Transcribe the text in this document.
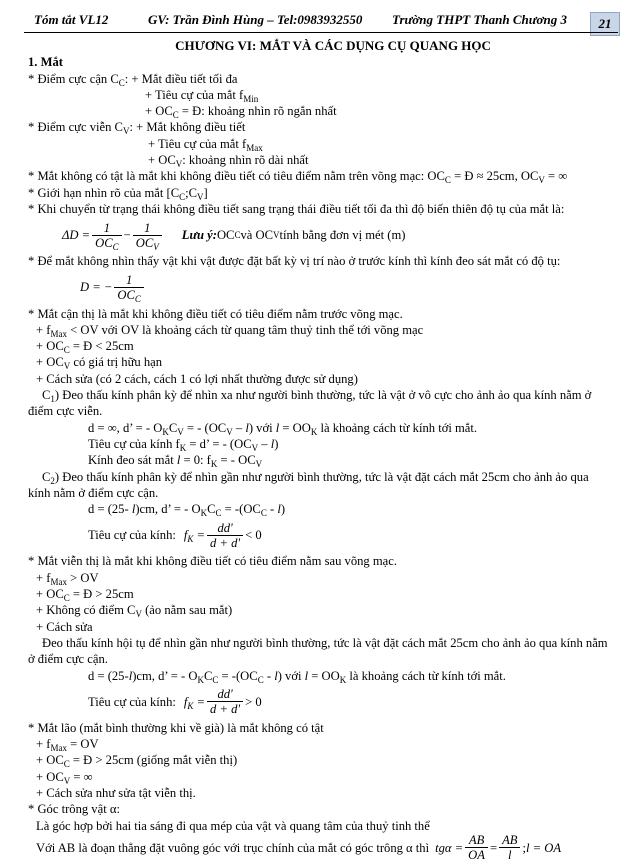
Tóm tắt VL12	GV: Trần Đình Hùng – Tel:0983932550 Trường THPT Thanh Chương 3	21

CHƯƠNG VI: MẮT VÀ CÁC DỤNG CỤ QUANG HỌC

1. Mắt

* Điểm cực cận $C_C$: + Mắt điều tiết tối đa

+ Tiêu cự của mắt $f_{Min}$

+ $OC_C$ = Đ: khoảng nhìn rõ ngắn nhất

* Điểm cực viễn $C_V$: + Mắt không điều tiết

+ Tiêu cự của mắt $f_{Max}$

+ $OC_V$: khoảng nhìn rõ dài nhất

* Mắt không có tật là mắt khi không điều tiết có tiêu điểm nằm trên võng mạc: $OC_C$ = Đ ≈ 25cm, $OC_V$ = ∞

* Giới hạn nhìn rõ của mắt $[C_C;C_V]$

* Khi chuyển từ trạng thái không điều tiết sang trạng thái điều tiết tối đa thì độ biến thiên độ tụ của mắt là:

$\Delta D = \frac{1}{OC_C} - \frac{1}{OC_V}$ Lưu ý: OC C và OC V tính bằng đơn vị mét (m)

* Để mắt không nhìn thấy vật khi vật được đặt bất kỳ vị trí nào ở trước kính thì kính đeo sát mắt có độ tụ:

D = − $\frac{1}{OC_C}$

* Mắt cận thị là mắt khi không điều tiết có tiêu điểm nằm trước võng mạc.

+ $f_{Max}$ < OV với OV là khoảng cách từ quang tâm thuỷ tinh thể tới võng mạc

+ $OC_C$ = Đ < 25cm

+ $OC_V$ có giá trị hữu hạn

+ Cách sửa (có 2 cách, cách 1 có lợi nhất thường được sử dụng)

$C_1$) Đeo thấu kính phân kỳ để nhìn xa như người bình thường, tức là vật ở vô cực cho ảnh ảo qua kính nằm ở điểm cực viễn.

d = ∞, d’ = - $O_KC_V$ = - $(OC_V - l)$ với $l = OO_K$ là khoảng cách từ kính tới mắt.

Tiêu cự của kính $f_K = d$’ = - $(OC_V - l)$

Kính đeo sát mắt l = 0: $f_K$ = - $OC_V$

$C_2$) Đeo thấu kính phân kỳ để nhìn gần như người bình thường, tức là vật đặt cách mắt 25cm cho ảnh ảo qua kính nằm ở điểm cực cận.

d = (25- l)cm, d’ = - $O_KC_C = -(OC_C - l)$

Tiêu cự của kính: $f_K = \frac{dd'}{d + d'} < 0$

* Mắt viễn thị là mắt khi không điều tiết có tiêu điểm nằm sau võng mạc.

+ $f_{Max}$ > OV

+ $OC_C$ = Đ > 25cm

+ Không có điểm $C_V$ (ảo nằm sau mắt)

+ Cách sửa

Đeo thấu kính hội tụ để nhìn gần như người bình thường, tức là vật đặt cách mắt 25cm cho ảnh ảo qua kính nằm ở điểm cực cận.

d = (25-l)cm, d’ = - $O_KC_C = -(OC_C - l)$ với $l = OO_K$ là khoảng cách từ kính tới mắt.

Tiêu cự của kính: $f_K = \frac{dd'}{d + d'} > 0$

* Mắt lão (mắt bình thường khi về già) là mắt không có tật

+ $f_{Max}$ = OV

+ $OC_C$ = Đ > 25cm (giống mắt viễn thị)

+ $OC_V$ = ∞

+ Cách sửa như sửa tật viễn thị.

* Góc trông vật α:

Là góc hợp bởi hai tia sáng đi qua mép của vật và quang tâm của thuỷ tinh thể

Với AB là đoạn thẳng đặt vuông góc với trục chính của mắt có góc trông α thì $tg\alpha = \frac{AB}{OA} = \frac{AB}{l}$ ; l = OA
